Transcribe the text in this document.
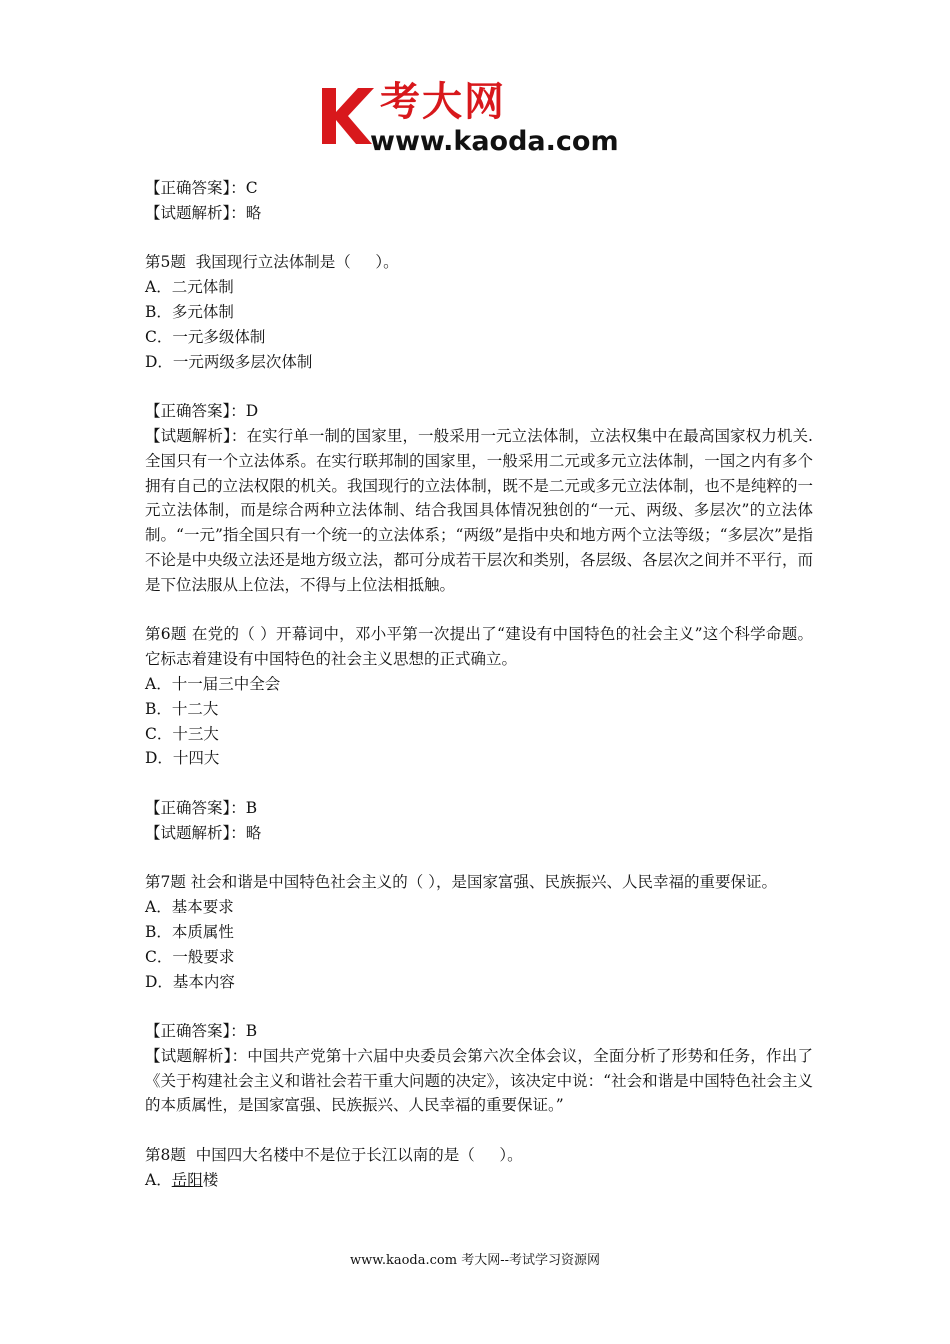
考大网
www.kaoda.com
【正确答案】：C
【试题解析】：略
第5题  我国现行立法体制是（     ）。
A．二元体制
B．多元体制
C．一元多级体制
D．一元两级多层次体制
【正确答案】：D
【试题解析】：在实行单一制的国家里，一般采用一元立法体制，立法权集中在最高国家权力机关.全国只有一个立法体系。在实行联邦制的国家里，一般采用二元或多元立法体制，一国之内有多个拥有自己的立法权限的机关。我国现行的立法体制，既不是二元或多元立法体制，也不是纯粹的一元立法体制，而是综合两种立法体制、结合我国具体情况独创的“一元、两级、多层次”的立法体制。“一元”指全国只有一个统一的立法体系；“两级”是指中央和地方两个立法等级；“多层次”是指不论是中央级立法还是地方级立法，都可分成若干层次和类别，各层级、各层次之间并不平行，而是下位法服从上位法，不得与上位法相抵触。
第6题 在党的（ ）开幕词中，邓小平第一次提出了“建设有中国特色的社会主义”这个科学命题。它标志着建设有中国特色的社会主义思想的正式确立。
A．十一届三中全会
B．十二大
C．十三大
D．十四大
【正确答案】：B
【试题解析】：略
第7题 社会和谐是中国特色社会主义的（ ），是国家富强、民族振兴、人民幸福的重要保证。
A．基本要求
B．本质属性
C．一般要求
D．基本内容
【正确答案】：B
【试题解析】：中国共产党第十六届中央委员会第六次全体会议，全面分析了形势和任务，作出了《关于构建社会主义和谐社会若干重大问题的决定》，该决定中说：“社会和谐是中国特色社会主义的本质属性，是国家富强、民族振兴、人民幸福的重要保证。”
第8题  中国四大名楼中不是位于长江以南的是（     ）。
A．岳阳楼
www.kaoda.com 考大网--考试学习资源网
